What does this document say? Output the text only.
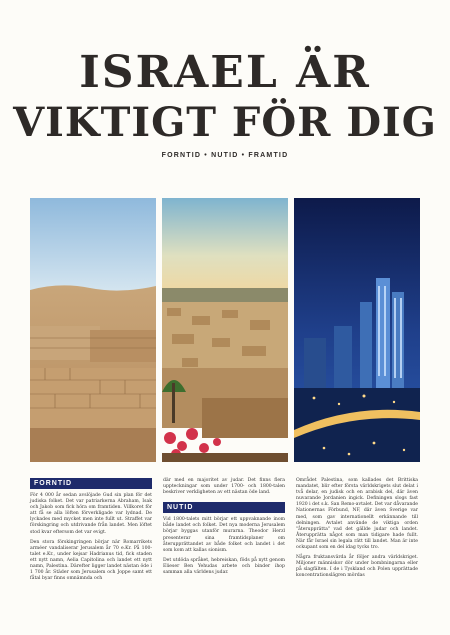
ISRAEL ÄR
VIKTIGT FÖR DIG
FORNTID • NUTID • FRAMTID
FORNTID

För 4 000 år sedan avslöjade Gud sin plan för det judiska folket. Det var patriarkerna Abraham, Isak och Jakob som fick höra om framtiden. Villkoret för att få se alla löften förverkligade var lydnad. De lyckades med mycket men inte fullt ut. Straffet var förskingring och utdrivande från landet. Men löftet stod kvar eftersom det var evigt.

Den stora förskingringen börjar när Romarrikets arméer vandaliserar Jerusalem år 70 e.Kr. På 100-talet e.Kr., under kejsar Hadrianus tid, fick staden ett nytt namn, Aelia Capitolina och landet ett nytt namn, Palestina. Därefter ligger landet nästan öde i 1 700 år. Städer som Jerusalem och Joppe samt ett fåtal byar finns omnämnda och

där med en majoritet av judar. Det finns flera uppteckningar som under 1700- och 1800-talen beskriver verkligheten av ett nästan öde land.

NUTID

Vid 1800-talets mitt börjar ett uppvaknande inom både landet och folket. Det nya moderna Jerusalem börjar byggas utanför murarna. Theodor Herzl presenterar sina framtidsplaner om återupprättandet av både folket och landet i det som kom att kallas sionism.

Det utdöda språket, hebreiskan, föds på nytt genom Elieser Ben Yehudas arbete och binder ihop samman alla världens judar.

Området Palestina, som kallades det Brittiska mandatet, blir efter första världskrigets slut delat i två delar, en judisk och en arabisk del, där även nuvarande Jordanien ingick. Definingen slogs fast 1920 i det s.k. San Remo-avtalet. Det var dåvarande Nationernas Förbund, NF, där även Sverige var med, som gav internationellt erkännande till delningen. Avtalet använde de viktiga orden "återupprätta" vad det gällde judar och landet. Återupprätta något som man tidigare hade fullt. När får Israel sin legala rätt till landet. Man är inte ockupant som en del idag tycks tro.

Några fruktansvärda år följer andra världskriget. Miljoner människor dör under bombningarna eller på slagfälten. I de i Tyskland och Polen upprättade koncentrationslägren mördas
